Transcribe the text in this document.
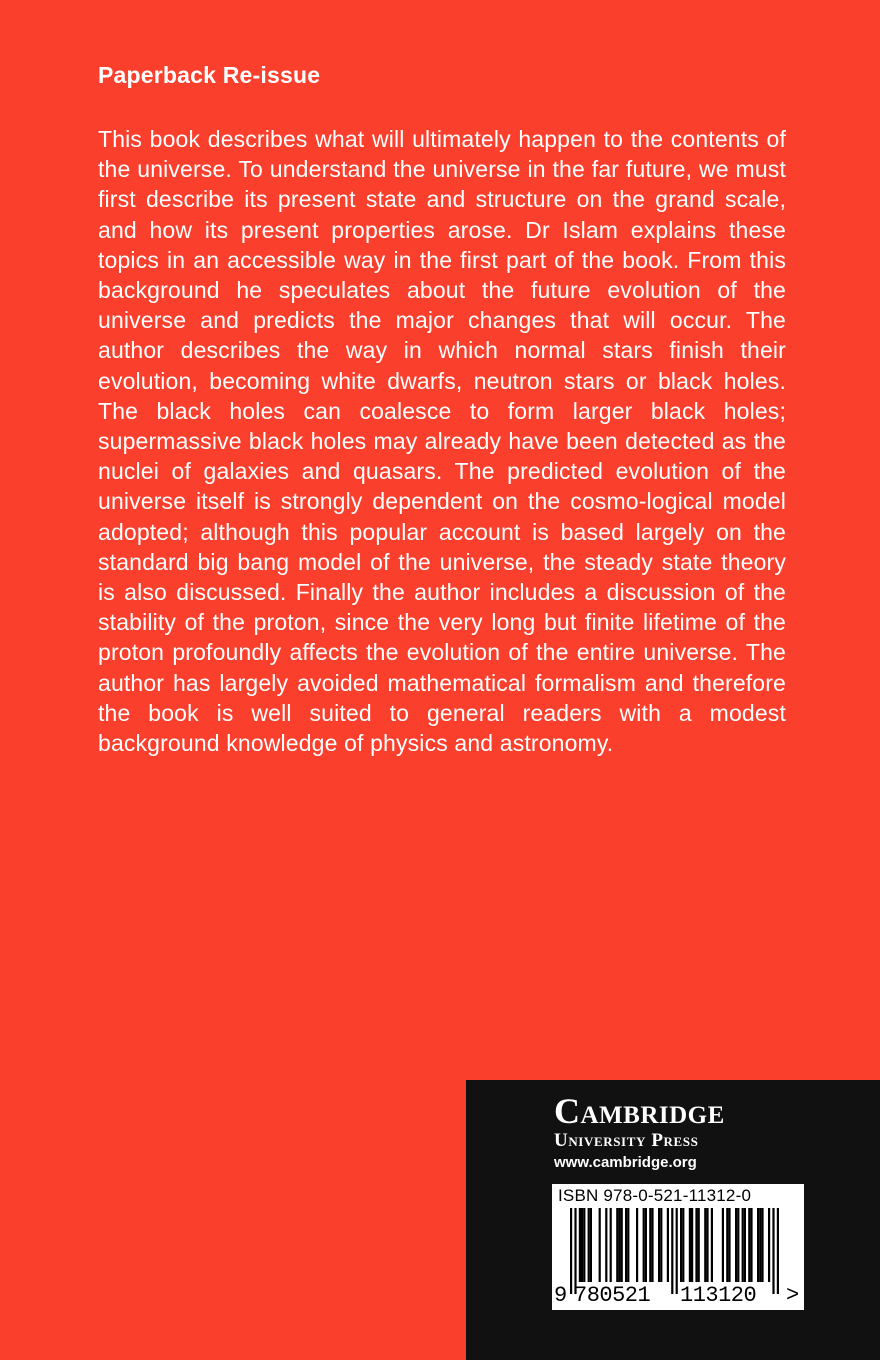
Paperback Re-issue

This book describes what will ultimately happen to the contents of the universe. To understand the universe in the far future, we must first describe its present state and structure on the grand scale, and how its present properties arose. Dr Islam explains these topics in an accessible way in the first part of the book. From this background he speculates about the future evolution of the universe and predicts the major changes that will occur. The author describes the way in which normal stars finish their evolution, becoming white dwarfs, neutron stars or black holes. The black holes can coalesce to form larger black holes; supermassive black holes may already have been detected as the nuclei of galaxies and quasars. The predicted evolution of the universe itself is strongly dependent on the cosmo-logical model adopted; although this popular account is based largely on the standard big bang model of the universe, the steady state theory is also discussed. Finally the author includes a discussion of the stability of the proton, since the very long but finite lifetime of the proton profoundly affects the evolution of the entire universe. The author has largely avoided mathematical formalism and therefore the book is well suited to general readers with a modest background knowledge of physics and astronomy.

Cambridge
University Press
www.cambridge.org
ISBN 978-0-521-11312-0
9 780521 113120 >
